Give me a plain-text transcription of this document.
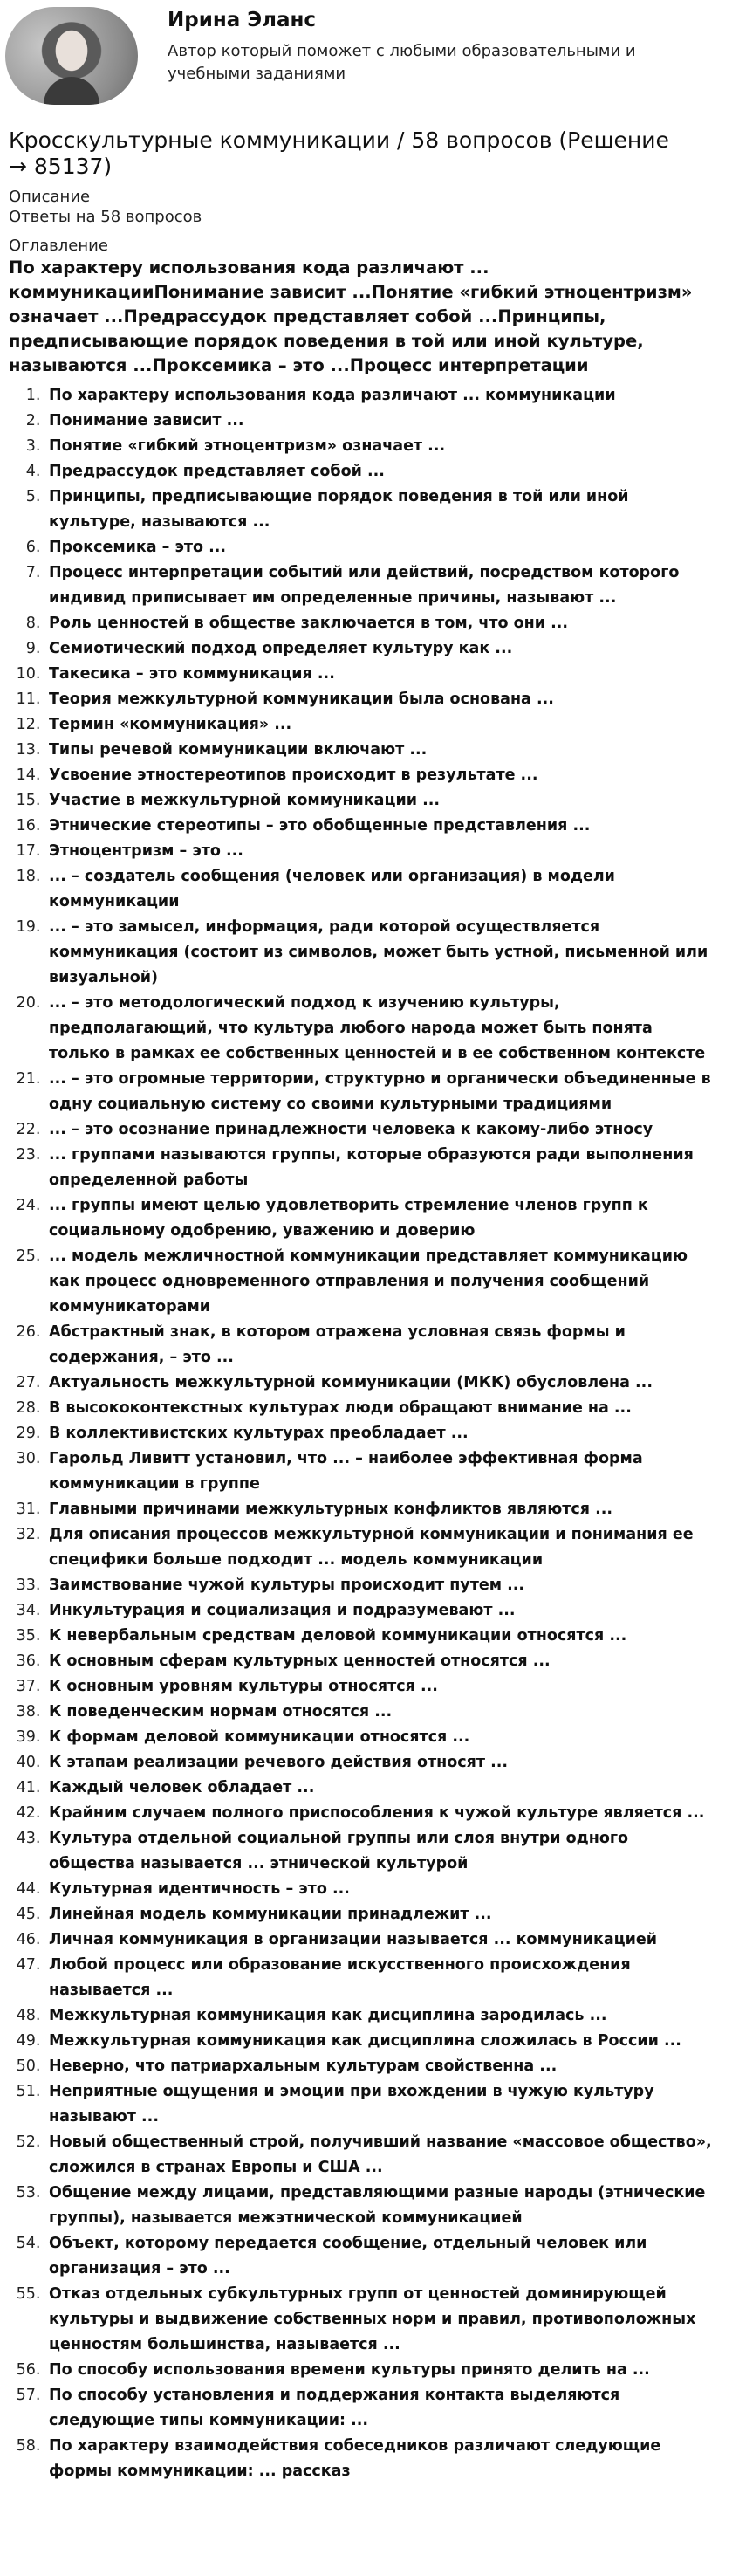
Ирина Эланс
Автор который поможет с любыми образовательными и учебными заданиями
Кросскультурные коммуникации / 58 вопросов (Решение → 85137)
Описание
Ответы на 58 вопросов
Оглавление
По характеру использования кода различают ... коммуникацииПонимание зависит ...Понятие «гибкий этноцентризм» означает ...Предрассудок представляет собой ...Принципы, предписывающие порядок поведения в той или иной культуре, называются ...Проксемика – это ...Процесс интерпретации
1. По характеру использования кода различают ... коммуникации
2. Понимание зависит ...
3. Понятие «гибкий этноцентризм» означает ...
4. Предрассудок представляет собой ...
5. Принципы, предписывающие порядок поведения в той или иной культуре, называются ...
6. Проксемика – это ...
7. Процесс интерпретации событий или действий, посредством которого индивид приписывает им определенные причины, называют ...
8. Роль ценностей в обществе заключается в том, что они ...
9. Семиотический подход определяет культуру как ...
10. Такесика – это коммуникация ...
11. Теория межкультурной коммуникации была основана ...
12. Термин «коммуникация» ...
13. Типы речевой коммуникации включают ...
14. Усвоение этностереотипов происходит в результате ...
15. Участие в межкультурной коммуникации ...
16. Этнические стереотипы – это обобщенные представления ...
17. Этноцентризм – это ...
18. ... – создатель сообщения (человек или организация) в модели коммуникации
19. ... – это замысел, информация, ради которой осуществляется коммуникация (состоит из символов, может быть устной, письменной или визуальной)
20. ... – это методологический подход к изучению культуры, предполагающий, что культура любого народа может быть понята только в рамках ее собственных ценностей и в ее собственном контексте
21. ... – это огромные территории, структурно и органически объединенные в одну социальную систему со своими культурными традициями
22. ... – это осознание принадлежности человека к какому-либо этносу
23. ... группами называются группы, которые образуются ради выполнения определенной работы
24. ... группы имеют целью удовлетворить стремление членов групп к социальному одобрению, уважению и доверию
25. ... модель межличностной коммуникации представляет коммуникацию как процесс одновременного отправления и получения сообщений коммуникаторами
26. Абстрактный знак, в котором отражена условная связь формы и содержания, – это ...
27. Актуальность межкультурной коммуникации (МКК) обусловлена ...
28. В высококонтекстных культурах люди обращают внимание на ...
29. В коллективистских культурах преобладает ...
30. Гарольд Ливитт установил, что ... – наиболее эффективная форма коммуникации в группе
31. Главными причинами межкультурных конфликтов являются ...
32. Для описания процессов межкультурной коммуникации и понимания ее специфики больше подходит ... модель коммуникации
33. Заимствование чужой культуры происходит путем ...
34. Инкультурация и социализация и подразумевают ...
35. К невербальным средствам деловой коммуникации относятся ...
36. К основным сферам культурных ценностей относятся ...
37. К основным уровням культуры относятся ...
38. К поведенческим нормам относятся ...
39. К формам деловой коммуникации относятся ...
40. К этапам реализации речевого действия относят ...
41. Каждый человек обладает ...
42. Крайним случаем полного приспособления к чужой культуре является ...
43. Культура отдельной социальной группы или слоя внутри одного общества называется ... этнической культурой
44. Культурная идентичность – это ...
45. Линейная модель коммуникации принадлежит ...
46. Личная коммуникация в организации называется ... коммуникацией
47. Любой процесс или образование искусственного происхождения называется ...
48. Межкультурная коммуникация как дисциплина зародилась ...
49. Межкультурная коммуникация как дисциплина сложилась в России ...
50. Неверно, что патриархальным культурам свойственна ...
51. Неприятные ощущения и эмоции при вхождении в чужую культуру называют ...
52. Новый общественный строй, получивший название «массовое общество», сложился в странах Европы и США ...
53. Общение между лицами, представляющими разные народы (этнические группы), называется межэтнической коммуникацией
54. Объект, которому передается сообщение, отдельный человек или организация – это ...
55. Отказ отдельных субкультурных групп от ценностей доминирующей культуры и выдвижение собственных норм и правил, противоположных ценностям большинства, называется ...
56. По способу использования времени культуры принято делить на ...
57. По способу установления и поддержания контакта выделяются следующие типы коммуникации: ...
58. По характеру взаимодействия собеседников различают следующие формы коммуникации: ... рассказ
